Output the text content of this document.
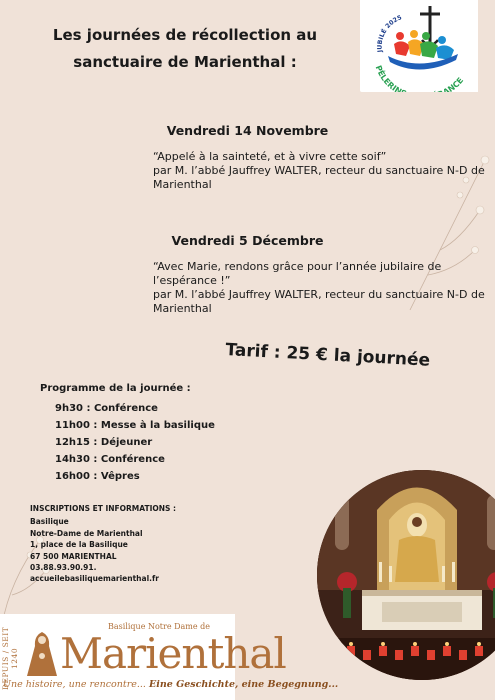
Les journées de récollection au
sanctuaire de Marienthal :
JUBILÉ 2025
PÈLERIN ANCE
Vendredi 14 Novembre
“Appelé à la sainteté, et à vivre cette soif”
par M. l’abbé Jauffrey WALTER, recteur du sanctuaire N-D de Marienthal
Vendredi 5 Décembre
“Avec Marie, rendons grâce pour l’année jubilaire de l’espérance !”
par M. l’abbé Jauffrey WALTER, recteur du sanctuaire N-D de Marienthal
Tarif : 25 € la journée
Programme de la journée :
9h30 : Conférence
11h00 : Messe à la basilique
12h15 : Déjeuner
14h30 : Conférence
16h00 : Vêpres
INSCRIPTIONS ET INFORMATIONS :
Basilique
Notre-Dame de Marienthal
1, place de la Basilique
67 500 MARIENTHAL
03.88.93.90.91.
accueilebasiliquemarienthal.fr
DEPUIS / SEIT 1240
Basilique Notre Dame de
Marienthal
Une histoire, une rencontre... Eine Geschichte, eine Begegnung...
